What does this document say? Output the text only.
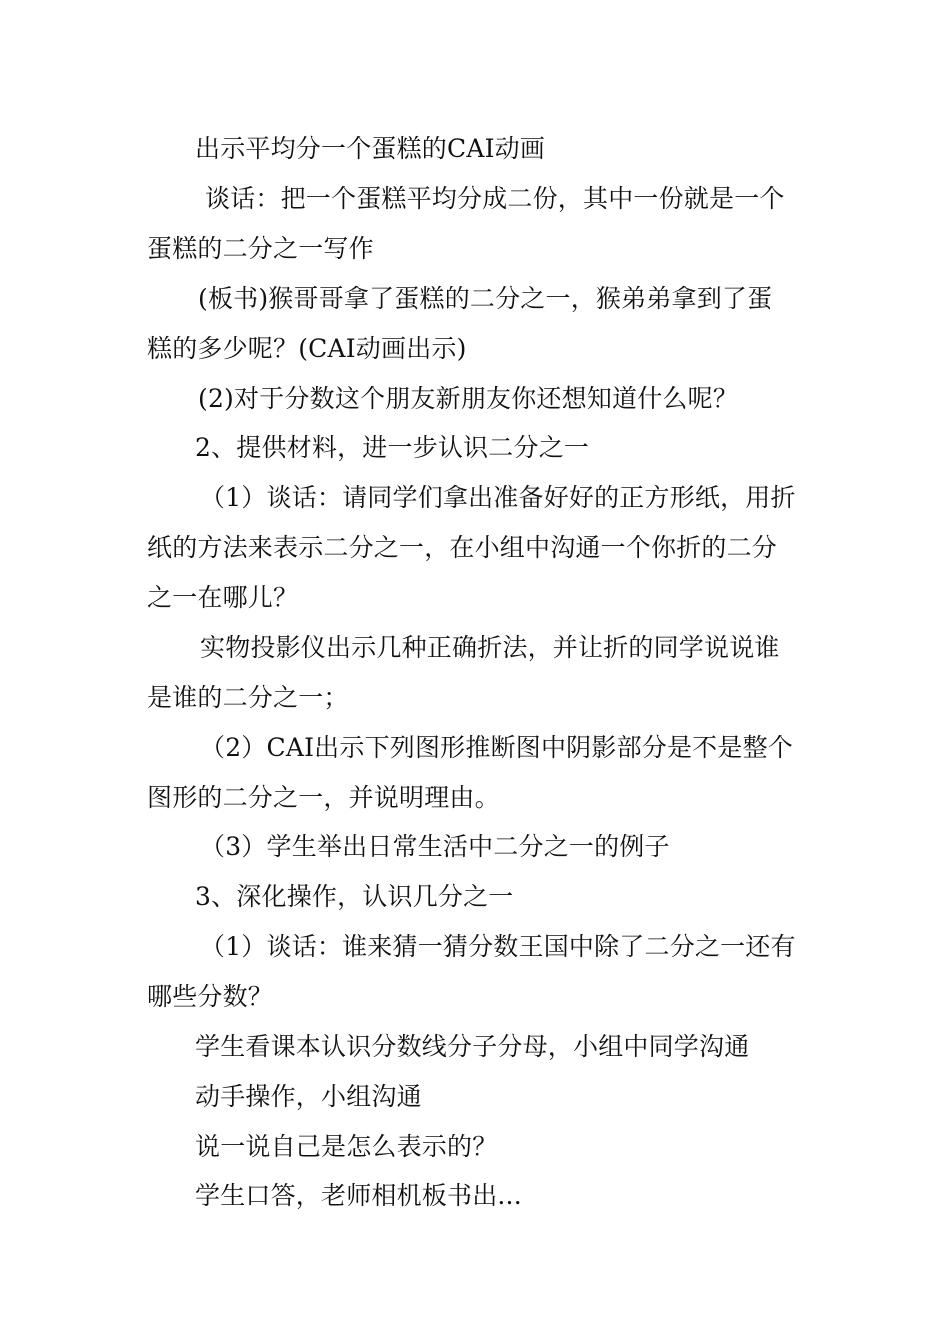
出示平均分一个蛋糕的CAI动画
谈话：把一个蛋糕平均分成二份，其中一份就是一个
蛋糕的二分之一写作
(板书)猴哥哥拿了蛋糕的二分之一，猴弟弟拿到了蛋
糕的多少呢？(CAI动画出示)
(2)对于分数这个朋友新朋友你还想知道什么呢？
2、提供材料，进一步认识二分之一
（1）谈话：请同学们拿出准备好好的正方形纸，用折
纸的方法来表示二分之一，在小组中沟通一个你折的二分
之一在哪儿？
实物投影仪出示几种正确折法，并让折的同学说说谁
是谁的二分之一；
（2）CAI出示下列图形推断图中阴影部分是不是整个
图形的二分之一，并说明理由。
（3）学生举出日常生活中二分之一的例子
3、深化操作，认识几分之一
（1）谈话：谁来猜一猜分数王国中除了二分之一还有
哪些分数？
学生看课本认识分数线分子分母，小组中同学沟通
动手操作，小组沟通
说一说自己是怎么表示的？
学生口答，老师相机板书出...
